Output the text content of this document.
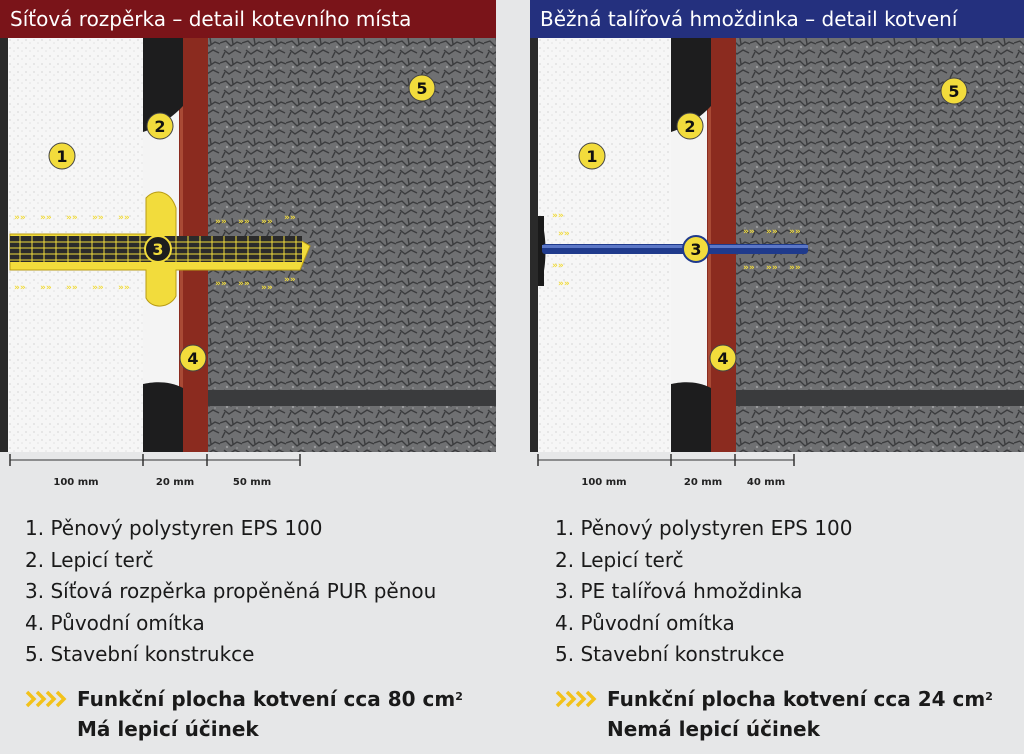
Síťová rozpěrka – detail kotevního místa
»» »» »» »» »»
»» »» »» »» »»
»» »» »» »»
»» »» »»
»»
1
2
3
4
5
100 mm	20 mm	50 mm
1. Pěnový polystyren EPS 100
2. Lepicí terč
3. Síťová rozpěrka propěněná PUR pěnou
4. Původní omítka
5. Stavební konstrukce
Funkční plocha kotvení cca 80 $cm^2$
Má lepicí účinek
Běžná talířová hmoždinka – detail kotvení
»»
»»
»»
»»
»» »» »»
»» »» »»
1
2
3
4
5
100 mm	20 mm 40 mm
1. Pěnový polystyren EPS 100
2. Lepicí terč
3. PE talířová hmoždinka
4. Původní omítka
5. Stavební konstrukce
Funkční plocha kotvení cca 24 $cm^2$
Nemá lepicí účinek
